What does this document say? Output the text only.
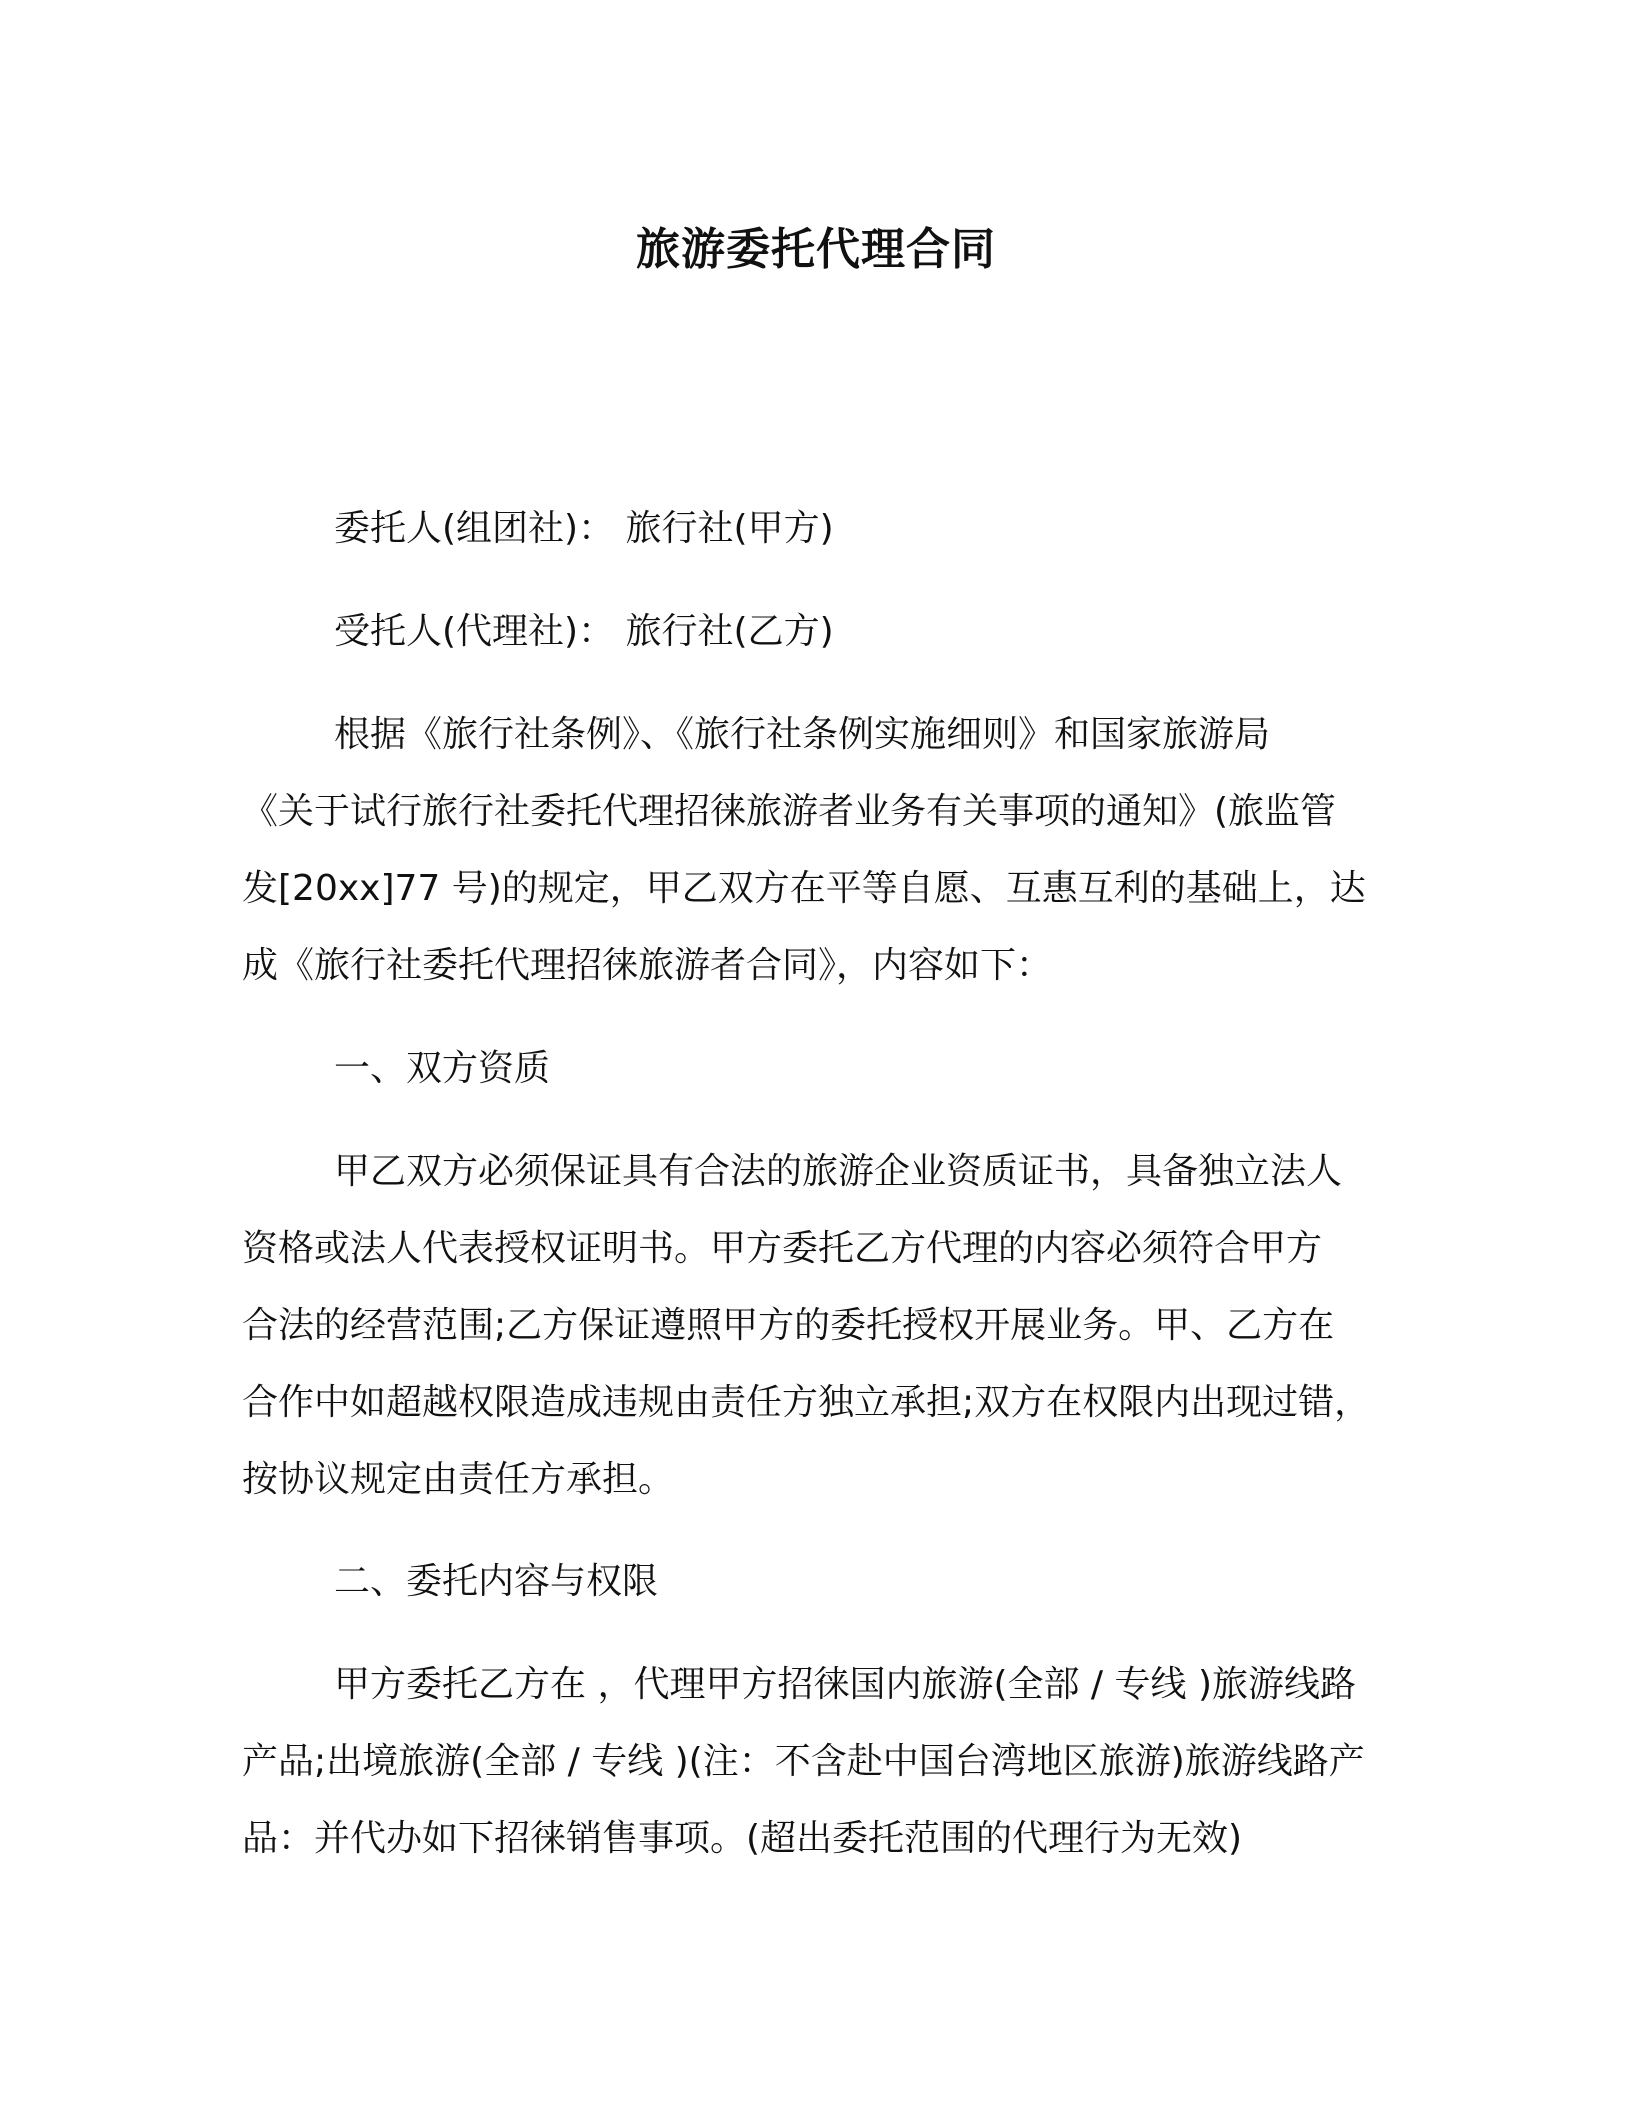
旅游委托代理合同
委托人(组团社)： 旅行社(甲方)
受托人(代理社)： 旅行社(乙方)
根据《旅行社条例》、《旅行社条例实施细则》和国家旅游局
《关于试行旅行社委托代理招徕旅游者业务有关事项的通知》(旅监管
发[20xx]77 号)的规定，甲乙双方在平等自愿、互惠互利的基础上，达
成《旅行社委托代理招徕旅游者合同》，内容如下：
一、双方资质
甲乙双方必须保证具有合法的旅游企业资质证书，具备独立法人
资格或法人代表授权证明书。甲方委托乙方代理的内容必须符合甲方
合法的经营范围;乙方保证遵照甲方的委托授权开展业务。甲、乙方在
合作中如超越权限造成违规由责任方独立承担;双方在权限内出现过错，
按协议规定由责任方承担。
二、委托内容与权限
甲方委托乙方在 ，代理甲方招徕国内旅游(全部 / 专线 )旅游线路
产品;出境旅游(全部 / 专线 )(注：不含赴中国台湾地区旅游)旅游线路产
品：并代办如下招徕销售事项。(超出委托范围的代理行为无效)
